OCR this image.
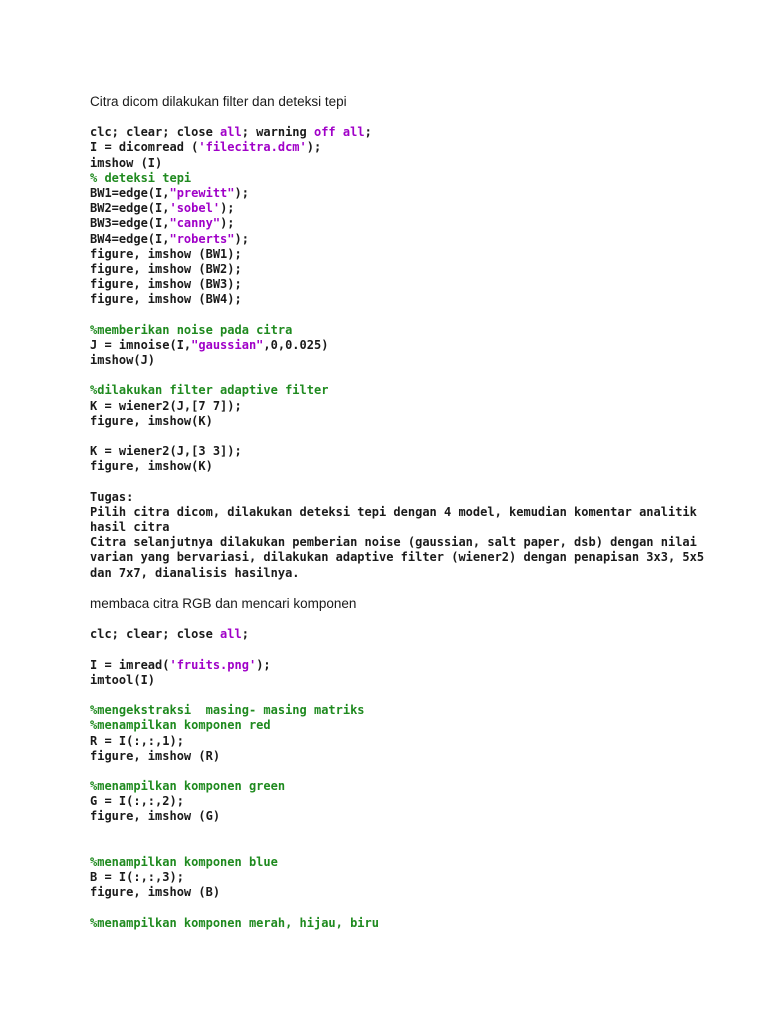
Citra dicom dilakukan filter dan deteksi tepi
clc; clear; close all; warning off all;
I = dicomread ('filecitra.dcm');
imshow (I)
% deteksi tepi
BW1=edge(I,"prewitt");
BW2=edge(I,'sobel');
BW3=edge(I,"canny");
BW4=edge(I,"roberts");
figure, imshow (BW1);
figure, imshow (BW2);
figure, imshow (BW3);
figure, imshow (BW4);
%memberikan noise pada citra
J = imnoise(I,"gaussian",0,0.025)
imshow(J)
%dilakukan filter adaptive filter
K = wiener2(J,[7 7]);
figure, imshow(K)
K = wiener2(J,[3 3]);
figure, imshow(K)
Tugas:
Pilih citra dicom, dilakukan deteksi tepi dengan 4 model, kemudian komentar analitik
hasil citra
Citra selanjutnya dilakukan pemberian noise (gaussian, salt paper, dsb) dengan nilai
varian yang bervariasi, dilakukan adaptive filter (wiener2) dengan penapisan 3x3, 5x5
dan 7x7, dianalisis hasilnya.
membaca citra RGB dan mencari komponen
clc; clear; close all;
I = imread('fruits.png');
imtool(I)
%mengekstraksi  masing- masing matriks
%menampilkan komponen red
R = I(:,:,1);
figure, imshow (R)
%menampilkan komponen green
G = I(:,:,2);
figure, imshow (G)
%menampilkan komponen blue
B = I(:,:,3);
figure, imshow (B)
%menampilkan komponen merah, hijau, biru
